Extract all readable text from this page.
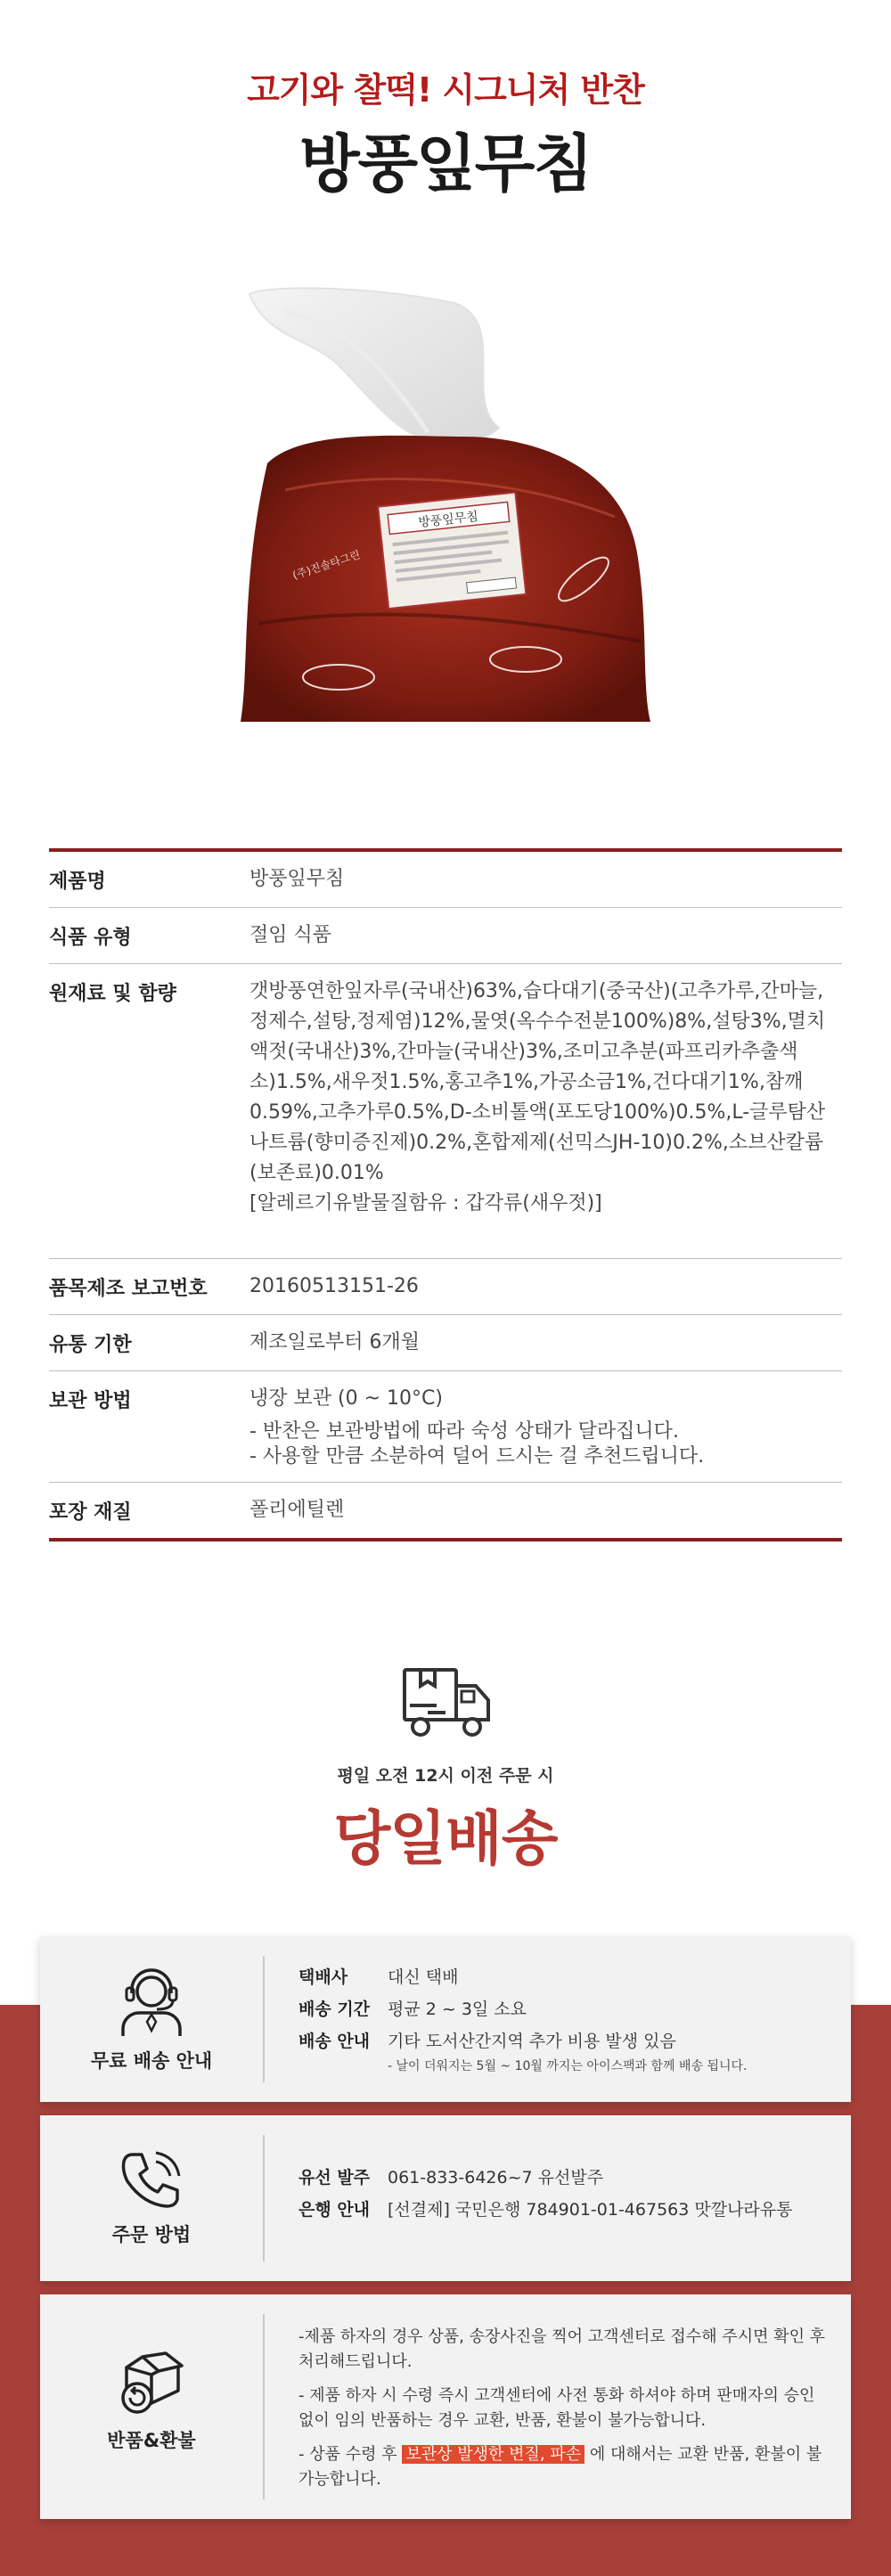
고기와 찰떡! 시그니처 반찬
방풍잎무침
방풍잎무침
(주)진솔타그린
제품명	방풍잎무침
식품 유형	절임 식품
원재료 및 함량	갯방풍연한잎자루(국내산)63%,습다대기(중국산)(고추가루,간마늘,정제수,설탕,정제염)12%,물엿(옥수수전분100%)8%,설탕3%,멸치액젓(국내산)3%,간마늘(국내산)3%,조미고추분(파프리카추출색소)1.5%,새우젓1.5%,홍고추1%,가공소금1%,건다대기1%,참깨0.59%,고추가루0.5%,D-소비톨액(포도당100%)0.5%,L-글루탐산나트륨(향미증진제)0.2%,혼합제제(선믹스JH-10)0.2%,소브산칼륨(보존료)0.01%
[알레르기유발물질함유 : 갑각류(새우젓)]
품목제조 보고번호	20160513151-26
유통 기한	제조일로부터 6개월
보관 방법	냉장 보관 (0 ~ 10°C)
- 반찬은 보관방법에 따라 숙성 상태가 달라집니다.
- 사용할 만큼 소분하여 덜어 드시는 걸 추천드립니다.
포장 재질	폴리에틸렌
평일 오전 12시 이전 주문 시
당일배송
무료 배송 안내
택배사	대신 택배
배송 기간	평균 2 ~ 3일 소요
배송 안내	기타 도서산간지역 추가 비용 발생 있음
- 날이 더워지는 5월 ~ 10월 까지는 아이스팩과 함께 배송 됩니다.
주문 방법
유선 발주	061-833-6426~7 유선발주
은행 안내	[선결제] 국민은행 784901-01-467563 맛깔나라유통
반품&환불
-제품 하자의 경우 상품, 송장사진을 찍어 고객센터로 접수해 주시면 확인 후 처리해드립니다.
- 제품 하자 시 수령 즉시 고객센터에 사전 통화 하셔야 하며 판매자의 승인 없이 임의 반품하는 경우 교환, 반품, 환불이 불가능합니다.
- 상품 수령 후 보관상 발생한 변질, 파손 에 대해서는 교환 반품, 환불이 불가능합니다.
